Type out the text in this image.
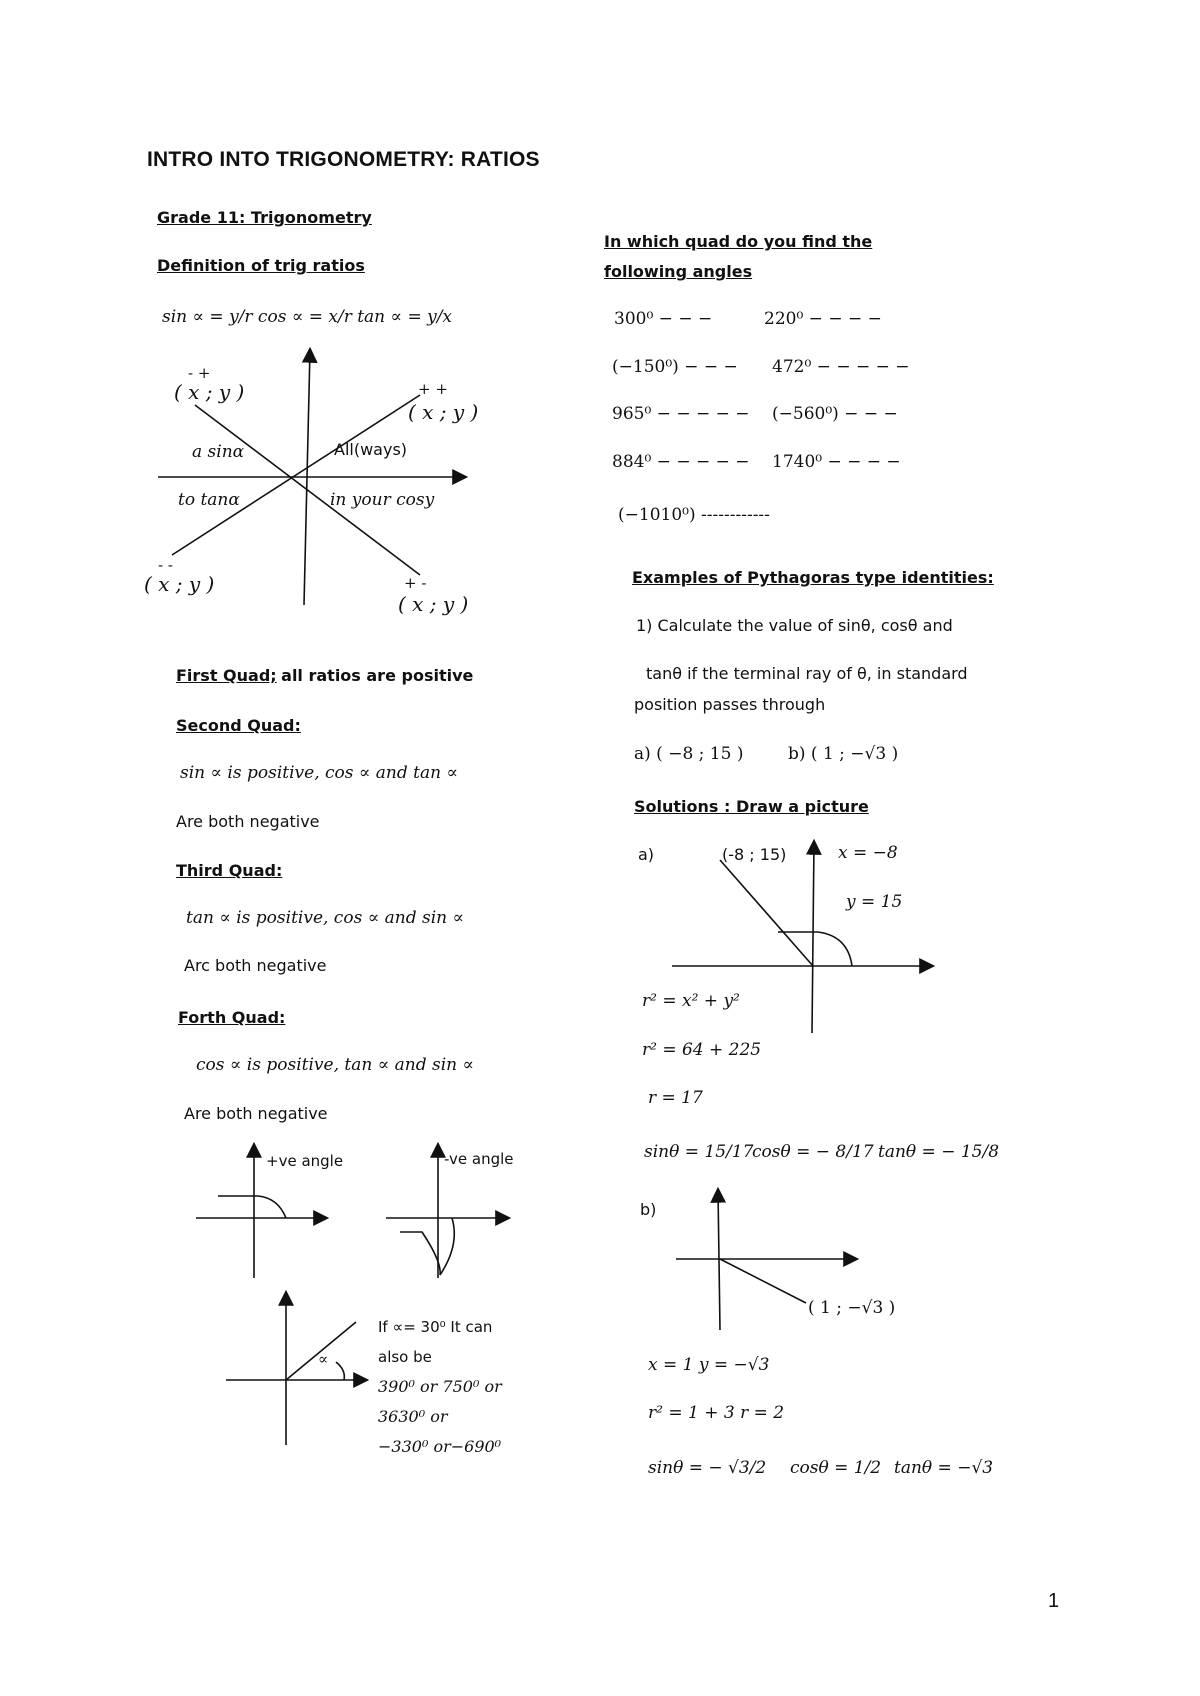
INTRO INTO TRIGONOMETRY: RATIOS
Grade 11: Trigonometry
Definition of trig ratios
sin ∝ = y/r cos ∝ = x/r tan ∝ = y/x
- +
( x ; y )	+ +
( x ; y )
a sinα	All(ways)
to tanα	in your cosy
- -
( x ; y )	+ -
( x ; y )
First Quad; all ratios are positive
Second Quad:
sin ∝ is positive, cos ∝ and tan ∝
Are both negative
Third Quad:
tan ∝ is positive, cos ∝ and sin ∝
Arc both negative
Forth Quad:
cos ∝ is positive, tan ∝ and sin ∝
Are both negative
+ve angle	-ve angle
∝
If ∝= 30⁰ It can
also be
390⁰ or 750⁰ or
3630⁰ or
−330⁰ or−690⁰
In which quad do you find the
following angles
300⁰ − − −	220⁰ − − − −
(−150⁰) − − − 472⁰ − − − − −
965⁰ − − − − − (−560⁰) − − −
884⁰ − − − − − 1740⁰ − − − −
(−1010⁰) ------------
Examples of Pythagoras type identities:
1) Calculate the value of sinθ, cosθ and
tanθ if the terminal ray of θ, in standard
position passes through
a) ( −8 ; 15 )	b) ( 1 ; −√3 )
Solutions : Draw a picture
a)	(-8 ; 15)	x = −8
y = 15
r² = x² + y²
r² = 64 + 225
r = 17
sinθ = 15/17
cosθ = − 8/17 tanθ = − 15/8
b)
( 1 ; −√3 )
x = 1 y = −√3
r² = 1 + 3 r = 2
sinθ = − √3/2 cosθ = 1/2 tanθ = −√3
1
